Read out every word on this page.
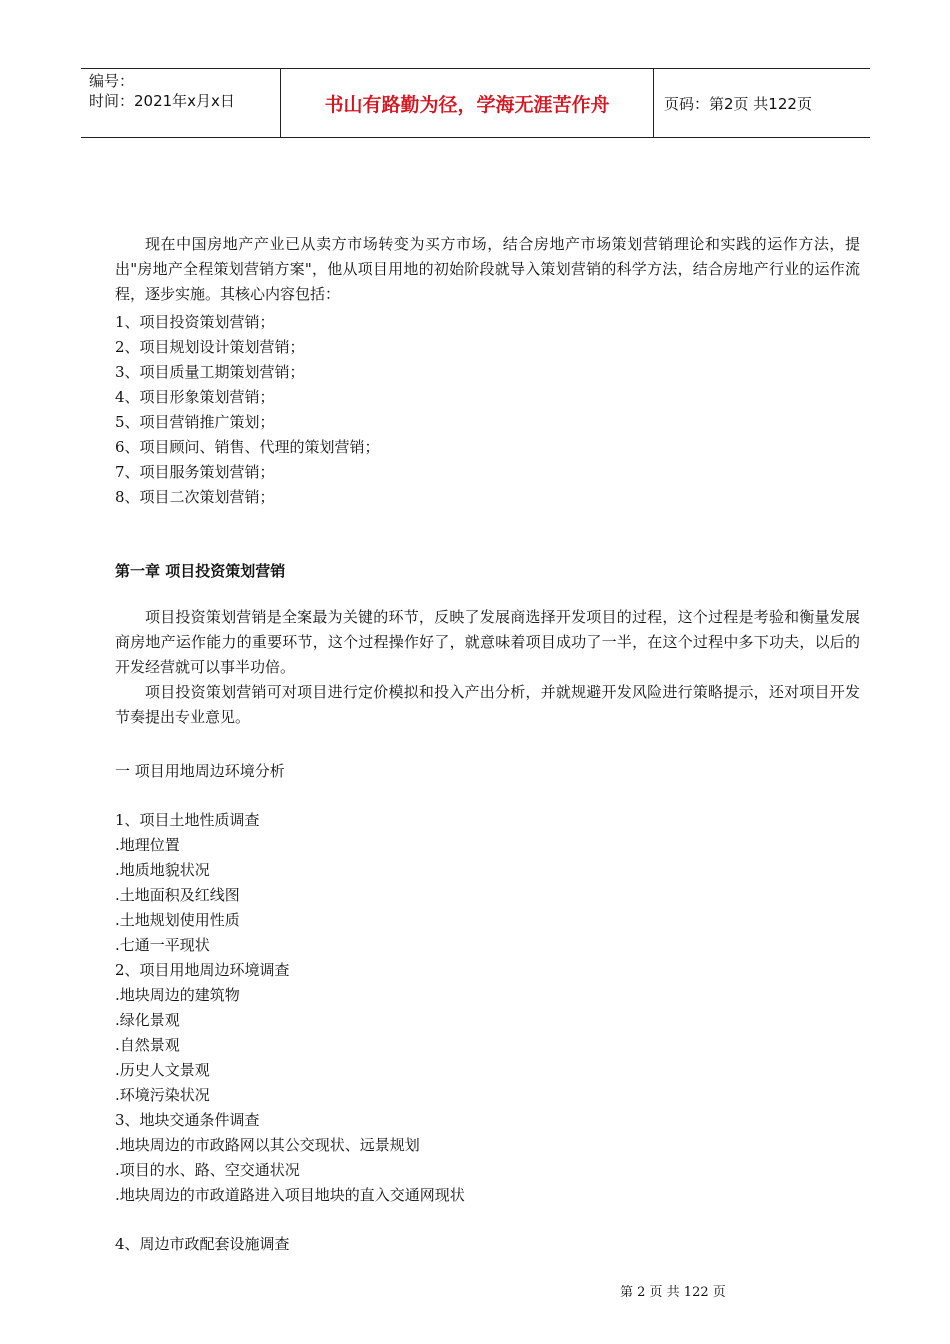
编号：
时间：2021年x月x日	书山有路勤为径，学海无涯苦作舟	页码：第2页 共122页
现在中国房地产产业已从卖方市场转变为买方市场，结合房地产市场策划营销理论和实践的运作方法，提出"房地产全程策划营销方案"，他从项目用地的初始阶段就导入策划营销的科学方法，结合房地产行业的运作流程，逐步实施。其核心内容包括：
1、项目投资策划营销；
2、项目规划设计策划营销；
3、项目质量工期策划营销；
4、项目形象策划营销；
5、项目营销推广策划；
6、项目顾问、销售、代理的策划营销；
7、项目服务策划营销；
8、项目二次策划营销；
第一章 项目投资策划营销
项目投资策划营销是全案最为关键的环节，反映了发展商选择开发项目的过程，这个过程是考验和衡量发展商房地产运作能力的重要环节，这个过程操作好了，就意味着项目成功了一半，在这个过程中多下功夫，以后的开发经营就可以事半功倍。
项目投资策划营销可对项目进行定价模拟和投入产出分析，并就规避开发风险进行策略提示，还对项目开发节奏提出专业意见。
一 项目用地周边环境分析
1、项目土地性质调查
.地理位置
.地质地貌状况
.土地面积及红线图
.土地规划使用性质
.七通一平现状
2、项目用地周边环境调查
.地块周边的建筑物
.绿化景观
.自然景观
.历史人文景观
.环境污染状况
3、地块交通条件调查
.地块周边的市政路网以其公交现状、远景规划
.项目的水、路、空交通状况
.地块周边的市政道路进入项目地块的直入交通网现状
4、周边市政配套设施调查
第 2 页 共 122 页
